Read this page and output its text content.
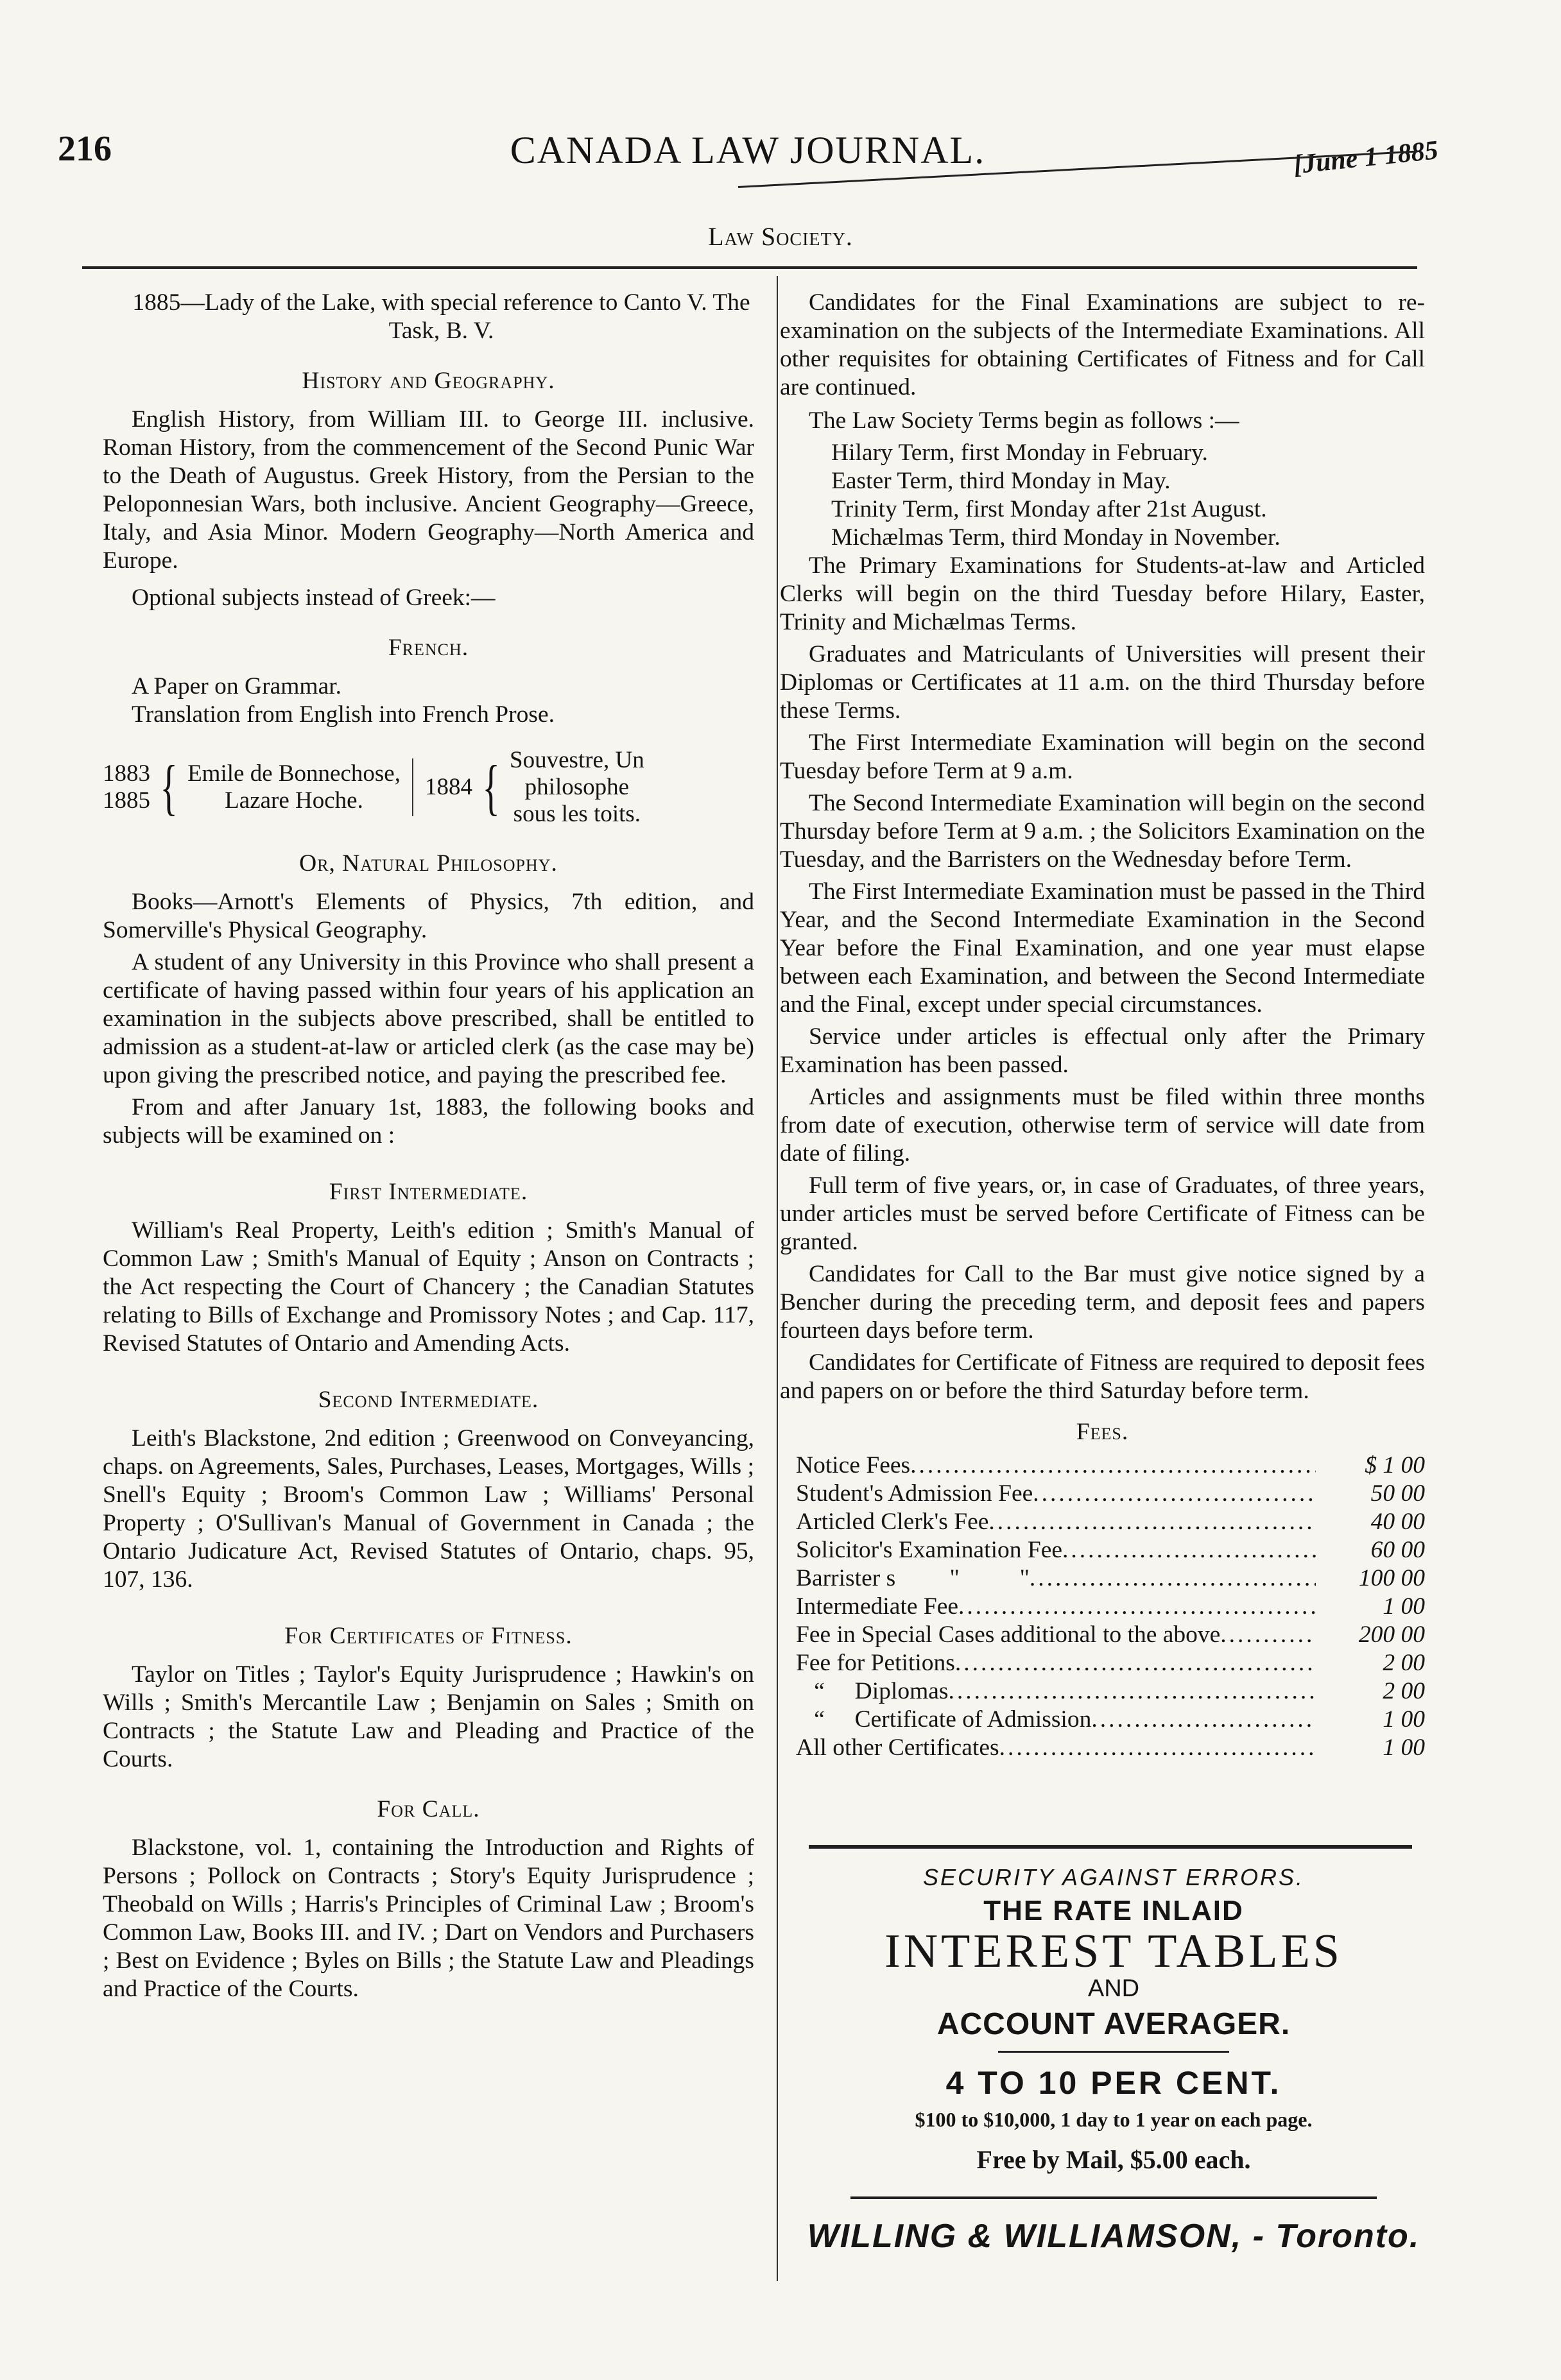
216	CANADA LAW JOURNAL.	[June 1 1885
Law Society.

1885—Lady of the Lake, with special reference to Canto V. The Task, B. V.

History and Geography.

English History, from William III. to George III. inclusive. Roman History, from the commencement of the Second Punic War to the Death of Augustus. Greek History, from the Persian to the Peloponnesian Wars, both inclusive. Ancient Geography—Greece, Italy, and Asia Minor. Modern Geography—North America and Europe.

Optional subjects instead of Greek:—

French.

A Paper on Grammar.

Translation from English into French Prose.

1883
1885 { Emile de Bonnechose,
Lazare Hoche.
1884 { Souvestre, Un
philosophe
sous les toits.
Or, Natural Philosophy.

Books—Arnott's Elements of Physics, 7th edition, and Somerville's Physical Geography.

A student of any University in this Province who shall present a certificate of having passed within four years of his application an examination in the subjects above prescribed, shall be entitled to admission as a student-at-law or articled clerk (as the case may be) upon giving the prescribed notice, and paying the prescribed fee.

From and after January 1st, 1883, the following books and subjects will be examined on :

First Intermediate.

William's Real Property, Leith's edition ; Smith's Manual of Common Law ; Smith's Manual of Equity ; Anson on Contracts ; the Act respecting the Court of Chancery ; the Canadian Statutes relating to Bills of Exchange and Promissory Notes ; and Cap. 117, Revised Statutes of Ontario and Amending Acts.

Second Intermediate.

Leith's Blackstone, 2nd edition ; Greenwood on Conveyancing, chaps. on Agreements, Sales, Purchases, Leases, Mortgages, Wills ; Snell's Equity ; Broom's Common Law ; Williams' Personal Property ; O'Sullivan's Manual of Government in Canada ; the Ontario Judicature Act, Revised Statutes of Ontario, chaps. 95, 107, 136.

For Certificates of Fitness.

Taylor on Titles ; Taylor's Equity Jurisprudence ; Hawkin's on Wills ; Smith's Mercantile Law ; Benjamin on Sales ; Smith on Contracts ; the Statute Law and Pleading and Practice of the Courts.

For Call.

Blackstone, vol. 1, containing the Introduction and Rights of Persons ; Pollock on Contracts ; Story's Equity Jurisprudence ; Theobald on Wills ; Harris's Principles of Criminal Law ; Broom's Common Law, Books III. and IV. ; Dart on Vendors and Purchasers ; Best on Evidence ; Byles on Bills ; the Statute Law and Pleadings and Practice of the Courts.

Candidates for the Final Examinations are subject to re-examination on the subjects of the Intermediate Examinations. All other requisites for obtaining Certificates of Fitness and for Call are continued.

The Law Society Terms begin as follows :—

Hilary Term, first Monday in February.

Easter Term, third Monday in May.

Trinity Term, first Monday after 21st August.

Michælmas Term, third Monday in November.

The Primary Examinations for Students-at-law and Articled Clerks will begin on the third Tuesday before Hilary, Easter, Trinity and Michælmas Terms.

Graduates and Matriculants of Universities will present their Diplomas or Certificates at 11 a.m. on the third Thursday before these Terms.

The First Intermediate Examination will begin on the second Tuesday before Term at 9 a.m.

The Second Intermediate Examination will begin on the second Thursday before Term at 9 a.m. ; the Solicitors Examination on the Tuesday, and the Barristers on the Wednesday before Term.

The First Intermediate Examination must be passed in the Third Year, and the Second Intermediate Examination in the Second Year before the Final Examination, and one year must elapse between each Examination, and between the Second Intermediate and the Final, except under special circumstances.

Service under articles is effectual only after the Primary Examination has been passed.

Articles and assignments must be filed within three months from date of execution, otherwise term of service will date from date of filing.

Full term of five years, or, in case of Graduates, of three years, under articles must be served before Certificate of Fitness can be granted.

Candidates for Call to the Bar must give notice signed by a Bencher during the preceding term, and deposit fees and papers fourteen days before term.

Candidates for Certificate of Fitness are required to deposit fees and papers on or before the third Saturday before term.

Fees.
Notice Fees .....	$ 1 00
Student's Admission Fee .....	50 00
Articled Clerk's Fee .....	40 00
Solicitor's Examination Fee .....	60 00
Barrister s         "          " .....	100 00
Intermediate Fee .....	1 00
Fee in Special Cases additional to the above .....	200 00
Fee for Petitions .....	2 00
“     Diplomas .....	2 00
“     Certificate of Admission .....	1 00
All other Certificates .....	1 00
SECURITY AGAINST ERRORS.
THE RATE INLAID
INTEREST TABLES
AND
ACCOUNT AVERAGER.
4 TO 10 PER CENT.
$100 to $10,000, 1 day to 1 year on each page.
Free by Mail, $5.00 each.
WILLING & WILLIAMSON, - Toronto.
